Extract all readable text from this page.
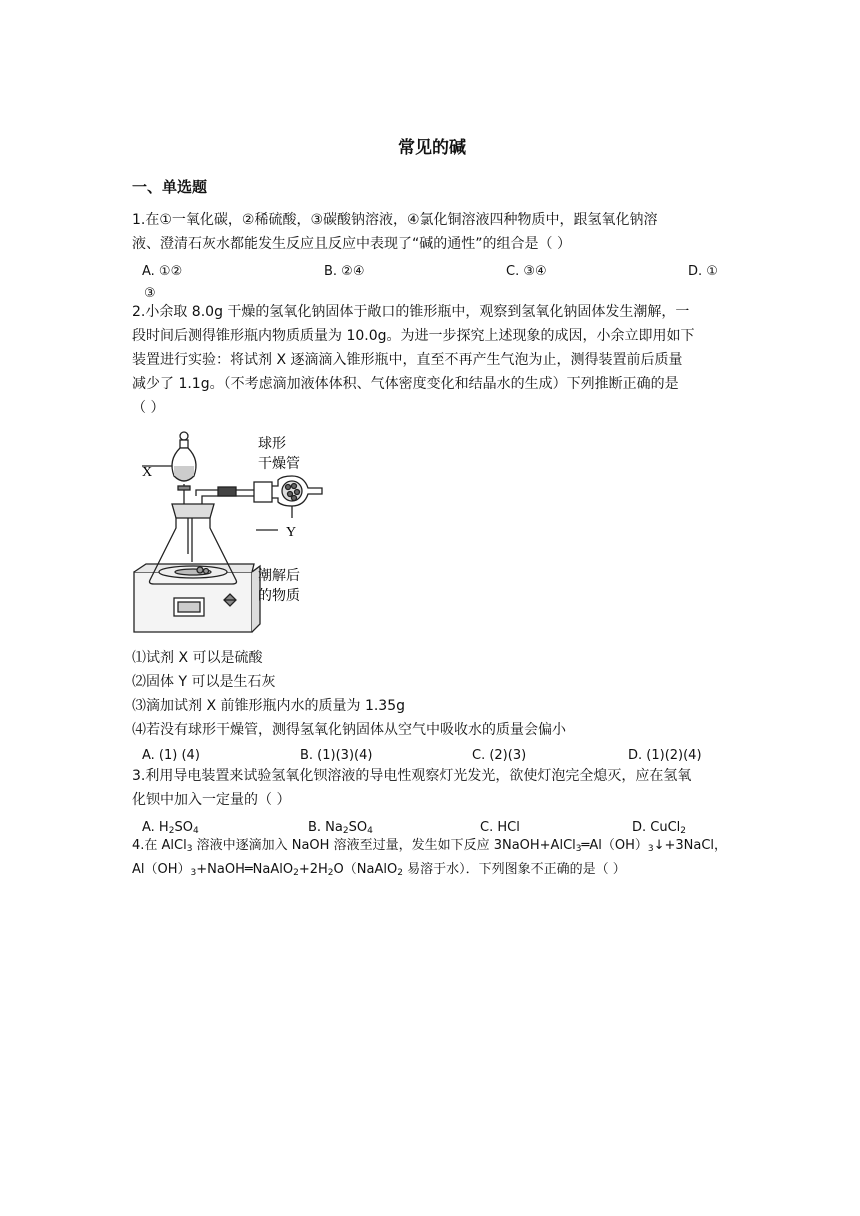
常见的碱
一、单选题
1.在①一氧化碳，②稀硫酸，③碳酸钠溶液，④氯化铜溶液四种物质中，跟氢氧化钠溶
液、澄清石灰水都能发生反应且反应中表现了“碱的通性”的组合是（ ）
A. ①②	B. ②④	C. ③④	D. ①
③
2.小余取 8.0g 干燥的氢氧化钠固体于敞口的锥形瓶中，观察到氢氧化钠固体发生潮解，一
段时间后测得锥形瓶内物质质量为 10.0g。为进一步探究上述现象的成因，小余立即用如下
装置进行实验：将试剂 X 逐滴滴入锥形瓶中，直至不再产生气泡为止，测得装置前后质量
减少了 1.1g。（不考虑滴加液体体积、气体密度变化和结晶水的生成）下列推断正确的是
（ ）
X
Y
球形
干燥管
潮解后
的物质
⑴试剂 X 可以是硫酸
⑵固体 Y 可以是生石灰
⑶滴加试剂 X 前锥形瓶内水的质量为 1.35g
⑷若没有球形干燥管，测得氢氧化钠固体从空气中吸收水的质量会偏小
A. (1) (4)	B. (1)(3)(4)	C. (2)(3)	D. (1)(2)(4)
3.利用导电装置来试验氢氧化钡溶液的导电性观察灯光发光，欲使灯泡完全熄灭，应在氢氧
化钡中加入一定量的（ ）
A. $H_2SO_4$	B. $Na_2SO_4$	C. HCl	D. CuCl$_2$
4.在 AlCl$_3$ 溶液中逐滴加入 NaOH 溶液至过量，发生如下反应 $3NaOH+AlCl_3═Al(OH)_3↓+3NaCl$，
$Al(OH)_3+NaOH═NaAlO_2+2H_2O(NaAlO_2$ 易溶于水）．下列图象不正确的是（ ）
